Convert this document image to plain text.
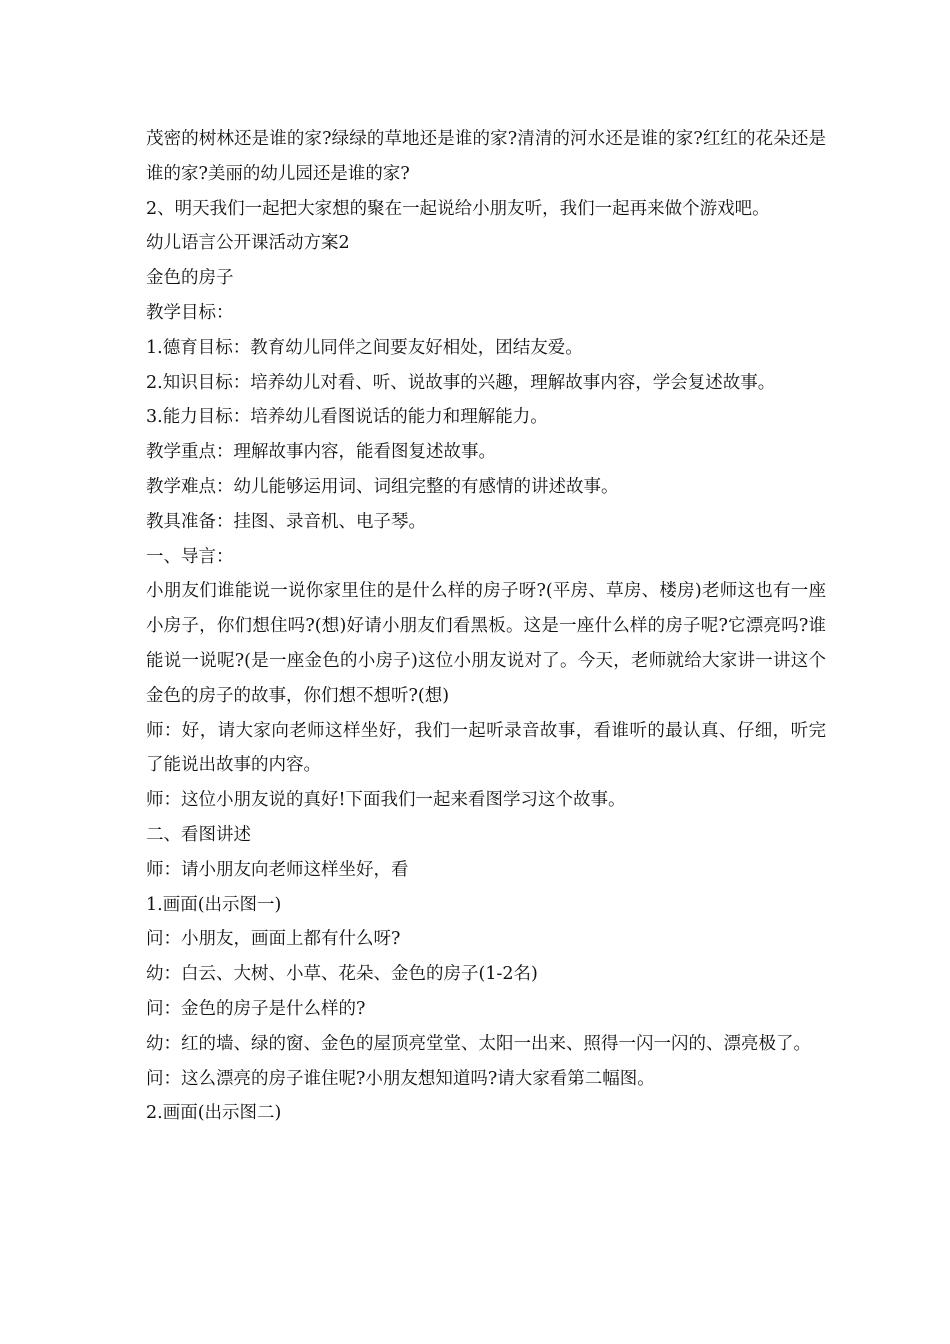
茂密的树林还是谁的家?绿绿的草地还是谁的家?清清的河水还是谁的家?红红的花朵还是谁的家?美丽的幼儿园还是谁的家?

2、明天我们一起把大家想的聚在一起说给小朋友听，我们一起再来做个游戏吧。

幼儿语言公开课活动方案2

金色的房子

教学目标：

1.德育目标：教育幼儿同伴之间要友好相处，团结友爱。

2.知识目标：培养幼儿对看、听、说故事的兴趣，理解故事内容，学会复述故事。

3.能力目标：培养幼儿看图说话的能力和理解能力。

教学重点：理解故事内容，能看图复述故事。

教学难点：幼儿能够运用词、词组完整的有感情的讲述故事。

教具准备：挂图、录音机、电子琴。

一、导言：

小朋友们谁能说一说你家里住的是什么样的房子呀?(平房、草房、楼房)老师这也有一座小房子，你们想住吗?(想)好请小朋友们看黑板。这是一座什么样的房子呢?它漂亮吗?谁能说一说呢?(是一座金色的小房子)这位小朋友说对了。今天，老师就给大家讲一讲这个金色的房子的故事，你们想不想听?(想)

师：好，请大家向老师这样坐好，我们一起听录音故事，看谁听的最认真、仔细，听完了能说出故事的内容。

师：这位小朋友说的真好!下面我们一起来看图学习这个故事。

二、看图讲述

师：请小朋友向老师这样坐好，看

1.画面(出示图一)

问：小朋友，画面上都有什么呀?

幼：白云、大树、小草、花朵、金色的房子(1-2名)

问：金色的房子是什么样的?

幼：红的墙、绿的窗、金色的屋顶亮堂堂、太阳一出来、照得一闪一闪的、漂亮极了。

问：这么漂亮的房子谁住呢?小朋友想知道吗?请大家看第二幅图。

2.画面(出示图二)
